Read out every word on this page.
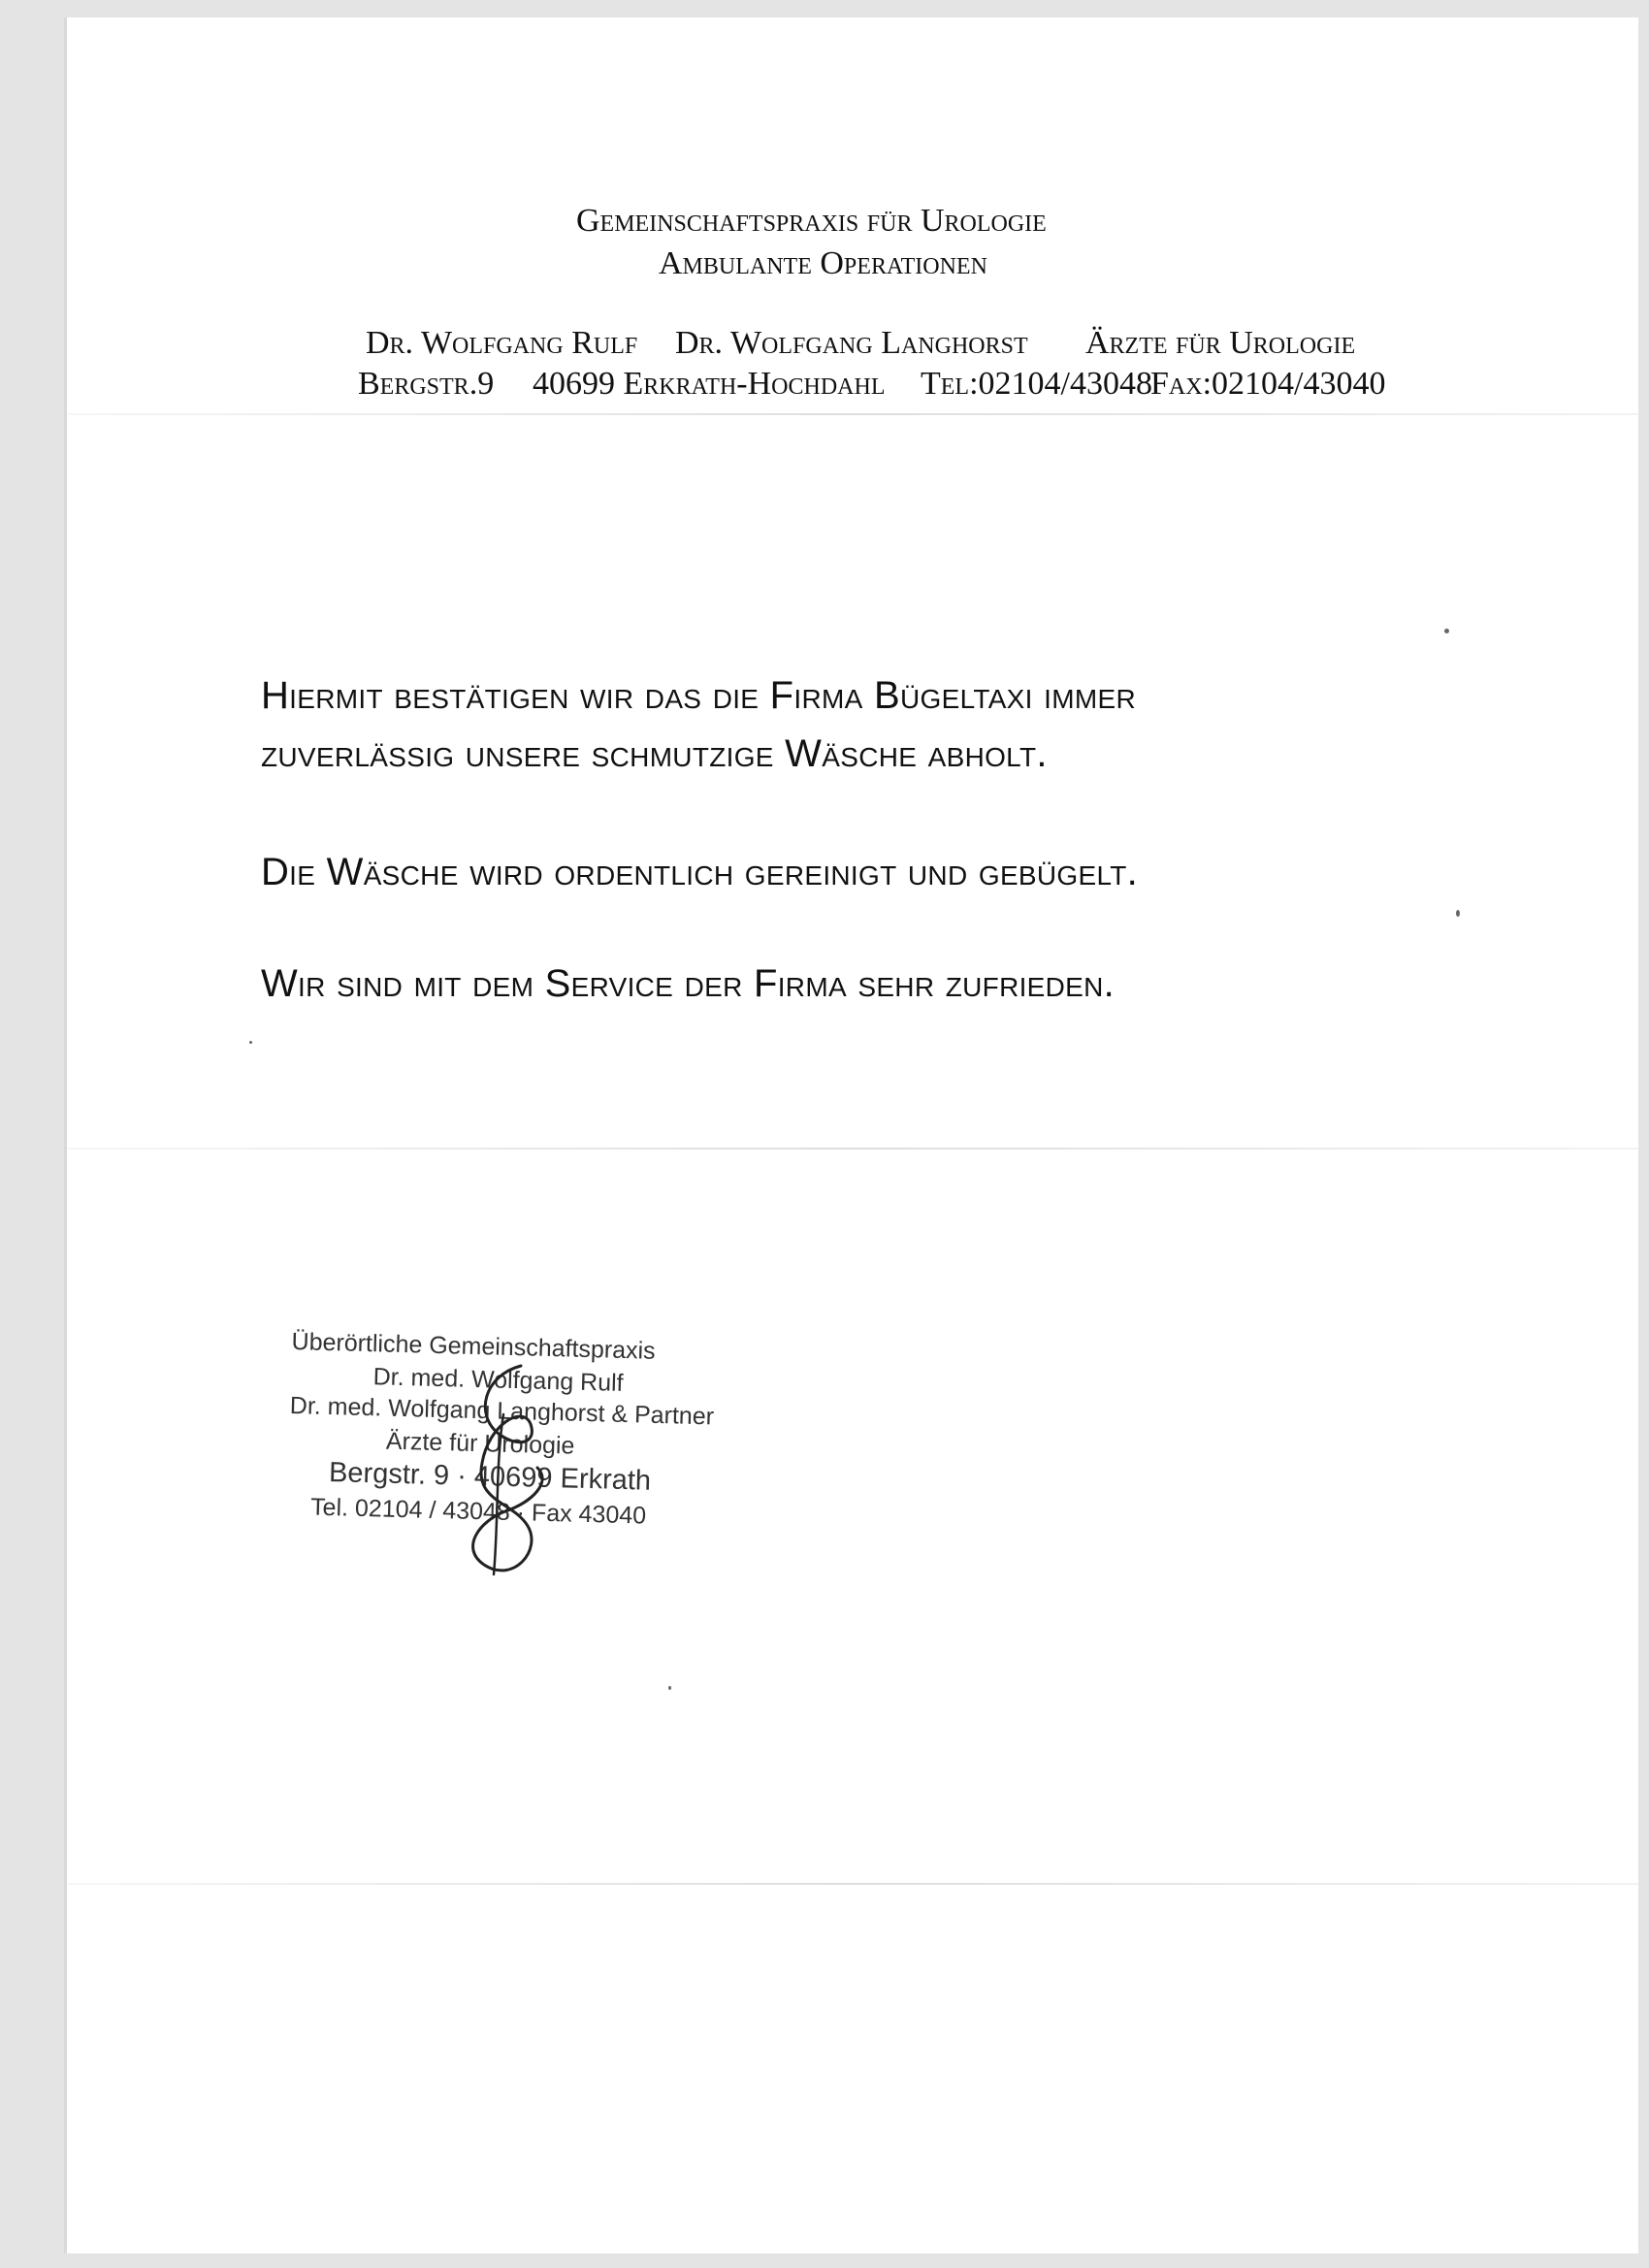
Gemeinschaftspraxis für Urologie
Ambulante Operationen
Dr. Wolfgang Rulf Dr. Wolfgang Langhorst Ärzte für Urologie
Bergstr.9 40699 Erkrath-Hochdahl Tel:02104/43048
Fax:02104/43040
Hiermit bestätigen wir das die Firma Bügeltaxi immer
zuverlässig unsere schmutzige Wäsche abholt.
Die Wäsche wird ordentlich gereinigt und gebügelt.
Wir sind mit dem Service der Firma sehr zufrieden.
Überörtliche Gemeinschaftspraxis
Dr. med. Wolfgang Rulf
Dr. med. Wolfgang Langhorst & Partner
Ärzte für Urologie
Bergstr. 9 · 40699 Erkrath
Tel. 02104 / 43048 · Fax 43040
